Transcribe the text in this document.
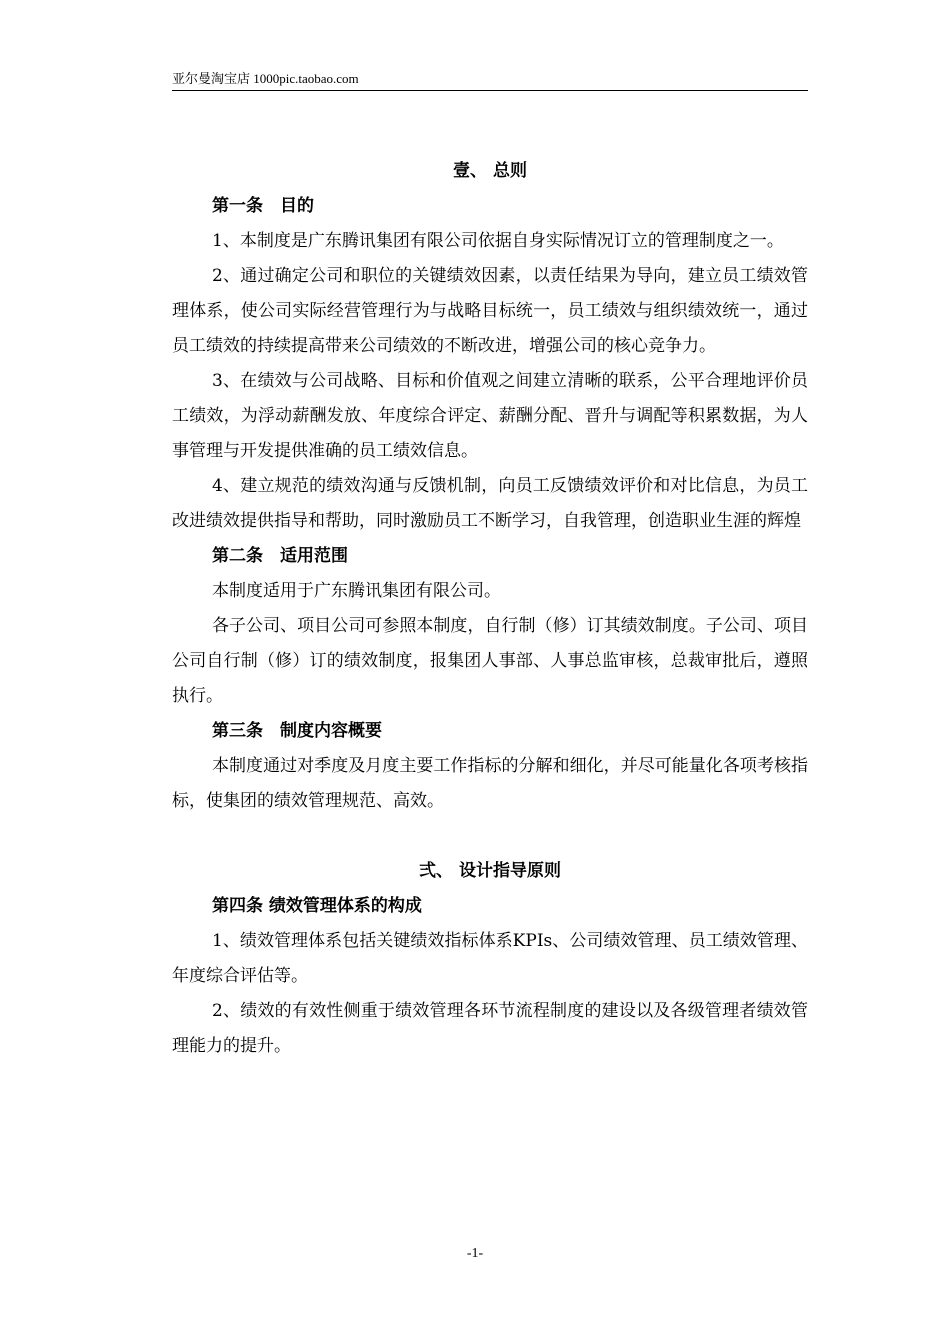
亚尔曼淘宝店 1000pic.taobao.com

壹、 总则

第一条　目的

1、本制度是广东腾讯集团有限公司依据自身实际情况订立的管理制度之一。

2、通过确定公司和职位的关键绩效因素，以责任结果为导向，建立员工绩效管理体系，使公司实际经营管理行为与战略目标统一，员工绩效与组织绩效统一，通过员工绩效的持续提高带来公司绩效的不断改进，增强公司的核心竞争力。

3、在绩效与公司战略、目标和价值观之间建立清晰的联系，公平合理地评价员工绩效，为浮动薪酬发放、年度综合评定、薪酬分配、晋升与调配等积累数据，为人事管理与开发提供准确的员工绩效信息。

4、建立规范的绩效沟通与反馈机制，向员工反馈绩效评价和对比信息，为员工改进绩效提供指导和帮助，同时激励员工不断学习，自我管理，创造职业生涯的辉煌

第二条　适用范围

本制度适用于广东腾讯集团有限公司。

各子公司、项目公司可参照本制度，自行制（修）订其绩效制度。子公司、项目公司自行制（修）订的绩效制度，报集团人事部、人事总监审核，总裁审批后，遵照执行。

第三条　制度内容概要

本制度通过对季度及月度主要工作指标的分解和细化，并尽可能量化各项考核指标，使集团的绩效管理规范、高效。

弍、 设计指导原则

第四条 绩效管理体系的构成

1、绩效管理体系包括关键绩效指标体系KPIs、公司绩效管理、员工绩效管理、年度综合评估等。

2、绩效的有效性侧重于绩效管理各环节流程制度的建设以及各级管理者绩效管理能力的提升。

-1-
